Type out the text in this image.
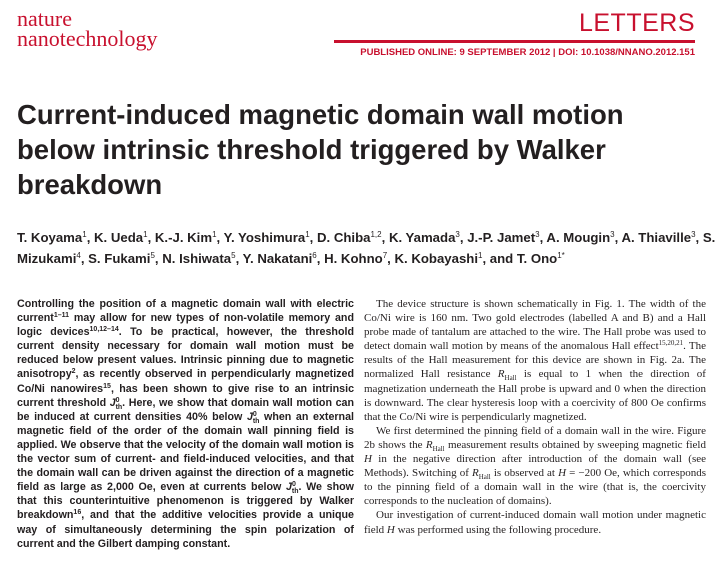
nature
nanotechnology
LETTERS
PUBLISHED ONLINE: 9 SEPTEMBER 2012 | DOI: 10.1038/NNANO.2012.151
Current-induced magnetic domain wall motion below intrinsic threshold triggered by Walker breakdown
T. Koyama$^1$, K. Ueda$^1$, K.-J. Kim$^1$, Y. Yoshimura$^1$, D. Chiba$^{1,2}$, K. Yamada$^3$, J.-P. Jamet$^3$, A. Mougin$^3$, A. Thiaville$^3$, S. Mizukami$^4$, S. Fukami$^5$, N. Ishiwata$^5$, Y. Nakatani$^6$, H. Kohno$^7$, K. Kobayashi$^1$, and T. Ono$^{1*}$

Controlling the position of a magnetic domain wall with electric current$^{1-11}$ may allow for new types of non-volatile memory and logic devices$^{10,12-14}$. To be practical, however, the threshold current density necessary for domain wall motion must be reduced below present values. Intrinsic pinning due to magnetic anisotropy$^2$, as recently observed in perpendicularly magnetized Co/Ni nanowires$^{15}$, has been shown to give rise to an intrinsic current threshold $J^0_{th}$. Here, we show that domain wall motion can be induced at current densities 40% below $J^0_{th}$ when an external magnetic field of the order of the domain wall pinning field is applied. We observe that the velocity of the domain wall motion is the vector sum of current- and field-induced velocities, and that the domain wall can be driven against the direction of a magnetic field as large as 2,000 Oe, even at currents below $J^0_{th}$. We show that this counterintuitive phenomenon is triggered by Walker breakdown$^{16}$, and that the additive velocities provide a unique way of simultaneously determining the spin polarization of current and the Gilbert damping constant.

The device structure is shown schematically in Fig. 1. The width of the Co/Ni wire is 160 nm. Two gold electrodes (labelled A and B) and a Hall probe made of tantalum are attached to the wire. The Hall probe was used to detect domain wall motion by means of the anomalous Hall effect$^{15,20,21}$. The results of the Hall measurement for this device are shown in Fig. 2a. The normalized Hall resistance $R_{Hall}$ is equal to 1 when the direction of magnetization underneath the Hall probe is upward and 0 when the direction is downward. The clear hysteresis loop with a coercivity of 800 Oe confirms that the Co/Ni wire is perpendicularly magnetized.

We first determined the pinning field of a domain wall in the wire. Figure 2b shows the $R_{Hall}$ measurement results obtained by sweeping magnetic field H in the negative direction after introduction of the domain wall (see Methods). Switching of $R_{Hall}$ is observed at H = −200 Oe, which corresponds to the pinning field of a domain wall in the wire (that is, the coercivity corresponds to the nucleation of domains).

Our investigation of current-induced domain wall motion under magnetic field H was performed using the following procedure.
